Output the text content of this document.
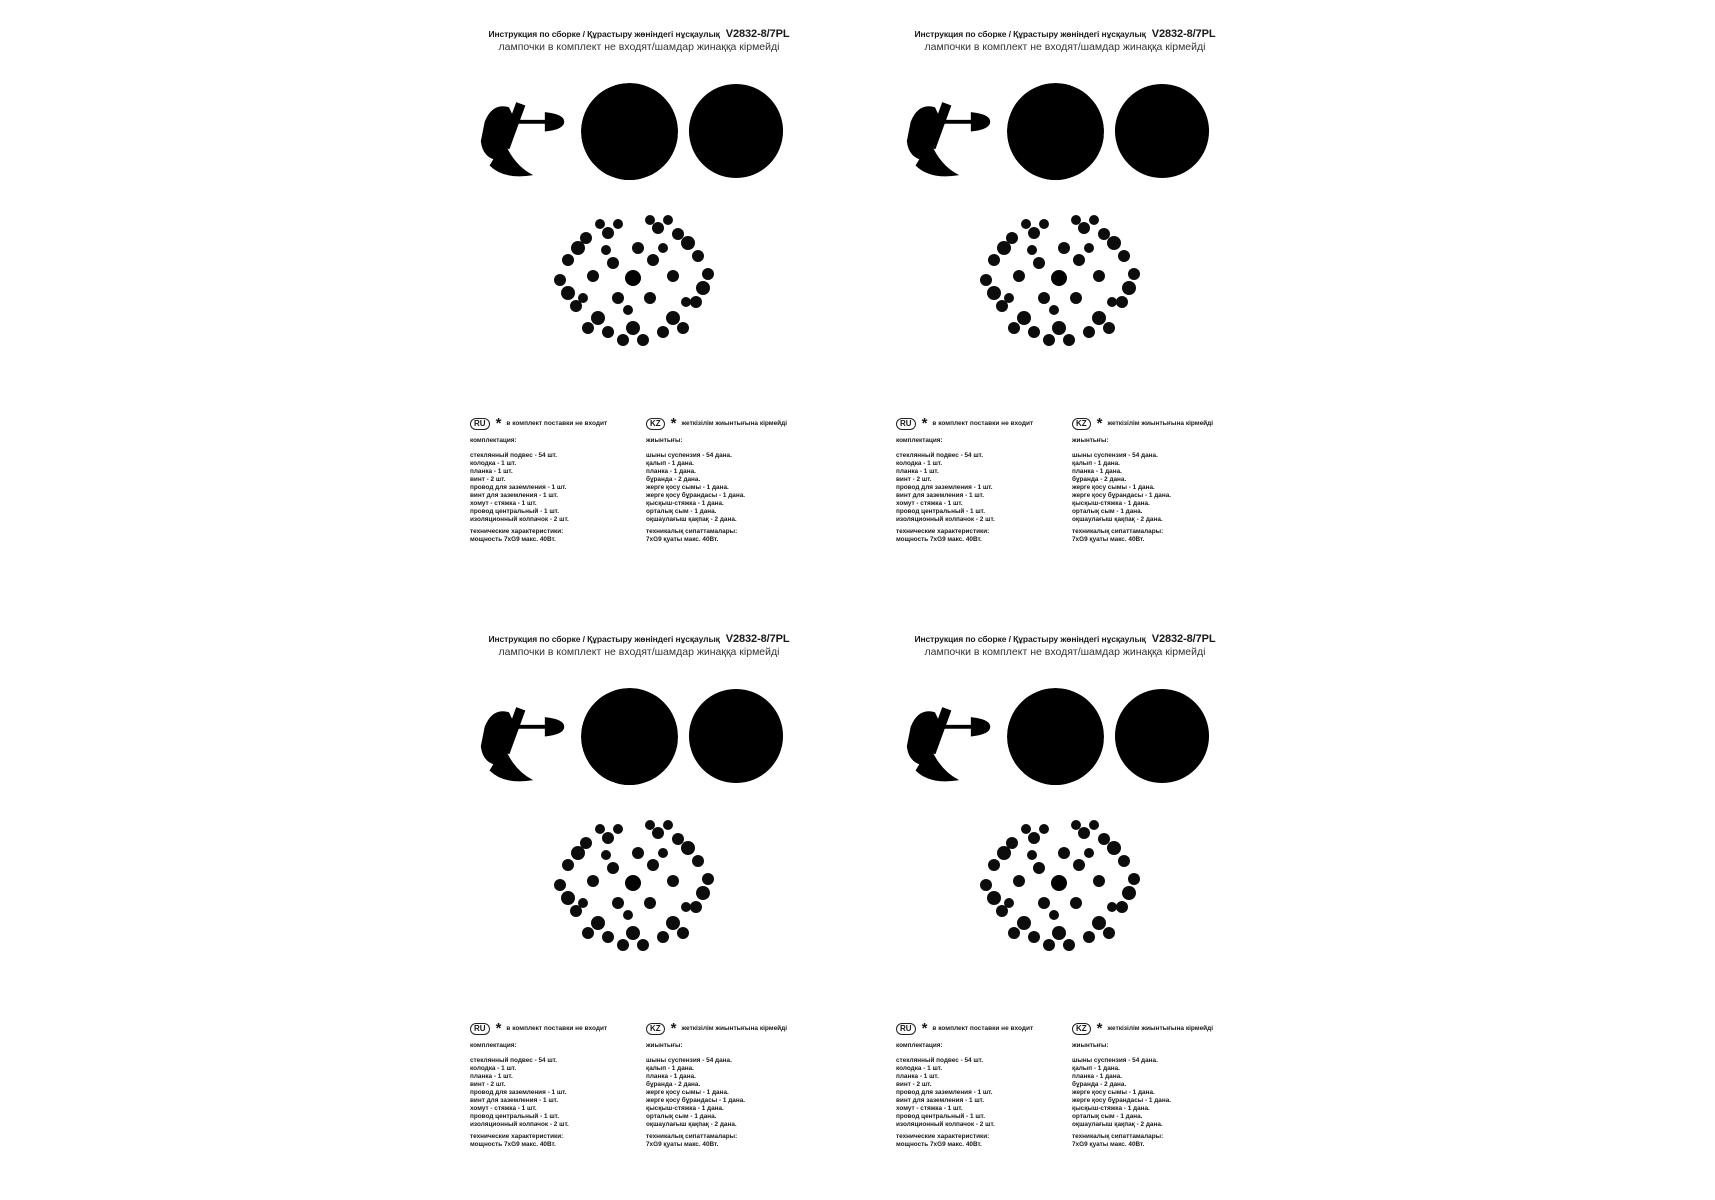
Инструкция по сборке / Құрастыру жөніндегі нұсқаулық V2832-8/7PL
лампочки в комплект не входят/шамдар жинаққа кірмейді
RU * в комплект поставки не входит
комплектация:
стеклянный подвес - 54 шт.
колодка - 1 шт.
планка - 1 шт.
винт - 2 шт.
провод для заземления - 1 шт.
винт для заземления - 1 шт.
хомут - стяжка - 1 шт.
провод центральный - 1 шт.
изоляционный колпачок - 2 шт.
технические характеристики:
мощность 7xG9 макс. 40Вт.
KZ * жеткізілім жиынтығына кірмейді
жиынтығы:
шыны суспензия - 54 дана.
қалып - 1 дана.
планка - 1 дана.
бұранда - 2 дана.
жерге қосу сымы - 1 дана.
жерге қосу бұрандасы - 1 дана.
қысқыш-стяжка - 1 дана.
орталық сым - 1 дана.
оқшаулағыш қақпақ - 2 дана.
техникалық сипаттамалары:
7xG9 қуаты макс. 40Вт.
Инструкция по сборке / Құрастыру жөніндегі нұсқаулық V2832-8/7PL
лампочки в комплект не входят/шамдар жинаққа кірмейді
RU * в комплект поставки не входит
комплектация:
стеклянный подвес - 54 шт.
колодка - 1 шт.
планка - 1 шт.
винт - 2 шт.
провод для заземления - 1 шт.
винт для заземления - 1 шт.
хомут - стяжка - 1 шт.
провод центральный - 1 шт.
изоляционный колпачок - 2 шт.
технические характеристики:
мощность 7xG9 макс. 40Вт.
KZ * жеткізілім жиынтығына кірмейді
жиынтығы:
шыны суспензия - 54 дана.
қалып - 1 дана.
планка - 1 дана.
бұранда - 2 дана.
жерге қосу сымы - 1 дана.
жерге қосу бұрандасы - 1 дана.
қысқыш-стяжка - 1 дана.
орталық сым - 1 дана.
оқшаулағыш қақпақ - 2 дана.
техникалық сипаттамалары:
7xG9 қуаты макс. 40Вт.
Инструкция по сборке / Құрастыру жөніндегі нұсқаулық V2832-8/7PL
лампочки в комплект не входят/шамдар жинаққа кірмейді
RU * в комплект поставки не входит
комплектация:
стеклянный подвес - 54 шт.
колодка - 1 шт.
планка - 1 шт.
винт - 2 шт.
провод для заземления - 1 шт.
винт для заземления - 1 шт.
хомут - стяжка - 1 шт.
провод центральный - 1 шт.
изоляционный колпачок - 2 шт.
технические характеристики:
мощность 7xG9 макс. 40Вт.
KZ * жеткізілім жиынтығына кірмейді
жиынтығы:
шыны суспензия - 54 дана.
қалып - 1 дана.
планка - 1 дана.
бұранда - 2 дана.
жерге қосу сымы - 1 дана.
жерге қосу бұрандасы - 1 дана.
қысқыш-стяжка - 1 дана.
орталық сым - 1 дана.
оқшаулағыш қақпақ - 2 дана.
техникалық сипаттамалары:
7xG9 қуаты макс. 40Вт.
Инструкция по сборке / Құрастыру жөніндегі нұсқаулық V2832-8/7PL
лампочки в комплект не входят/шамдар жинаққа кірмейді
RU * в комплект поставки не входит
комплектация:
стеклянный подвес - 54 шт.
колодка - 1 шт.
планка - 1 шт.
винт - 2 шт.
провод для заземления - 1 шт.
винт для заземления - 1 шт.
хомут - стяжка - 1 шт.
провод центральный - 1 шт.
изоляционный колпачок - 2 шт.
технические характеристики:
мощность 7xG9 макс. 40Вт.
KZ * жеткізілім жиынтығына кірмейді
жиынтығы:
шыны суспензия - 54 дана.
қалып - 1 дана.
планка - 1 дана.
бұранда - 2 дана.
жерге қосу сымы - 1 дана.
жерге қосу бұрандасы - 1 дана.
қысқыш-стяжка - 1 дана.
орталық сым - 1 дана.
оқшаулағыш қақпақ - 2 дана.
техникалық сипаттамалары:
7xG9 қуаты макс. 40Вт.
